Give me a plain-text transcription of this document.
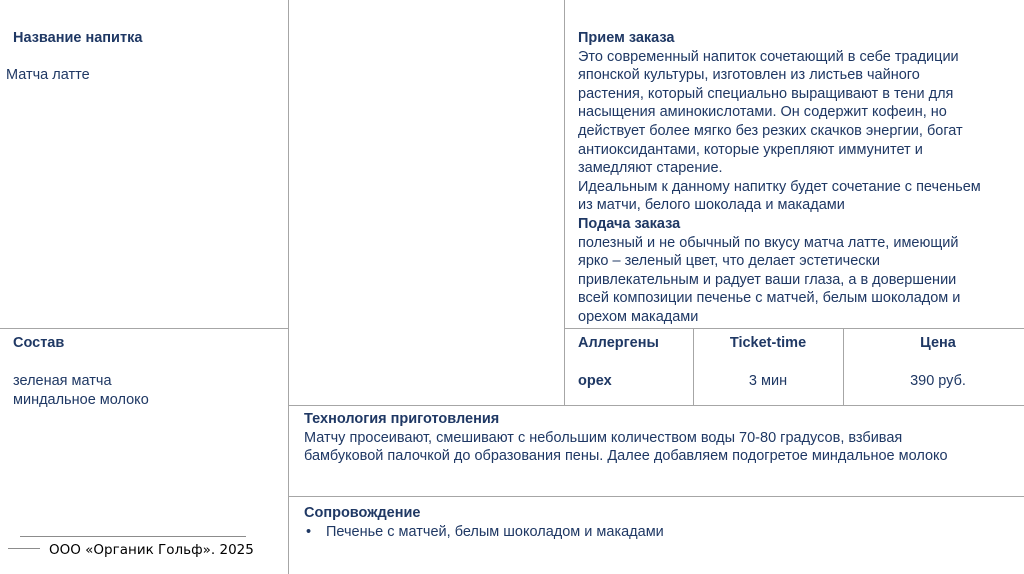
Название напитка
Матча латте
Состав
зеленая матча
миндальное молоко
Прием заказа
Это современный напиток сочетающий в себе традиции
японской культуры, изготовлен из листьев чайного
растения, который специально выращивают в тени для
насыщения аминокислотами. Он содержит кофеин, но
действует более мягко без резких скачков энергии, богат
антиоксидантами, которые укрепляют иммунитет и
замедляют старение.
Идеальным к данному напитку будет сочетание с печеньем
из матчи, белого шоколада и макадами
Подача заказа
полезный и не обычный по вкусу матча латте, имеющий
ярко – зеленый цвет, что делает эстетически
привлекательным и радует ваши глаза, а в довершении
всей композиции печенье с матчей, белым шоколадом и
орехом макадами
Аллергены
орех
Ticket-time
3 мин
Цена
390 руб.
Технология приготовления
Матчу просеивают, смешивают с небольшим количеством воды 70-80 градусов, взбивая
бамбуковой палочкой до образования пены. Далее добавляем подогретое миндальное молоко
Сопровождение
•	Печенье с матчей, белым шоколадом и макадами
ООО «Органик Гольф». 2025
